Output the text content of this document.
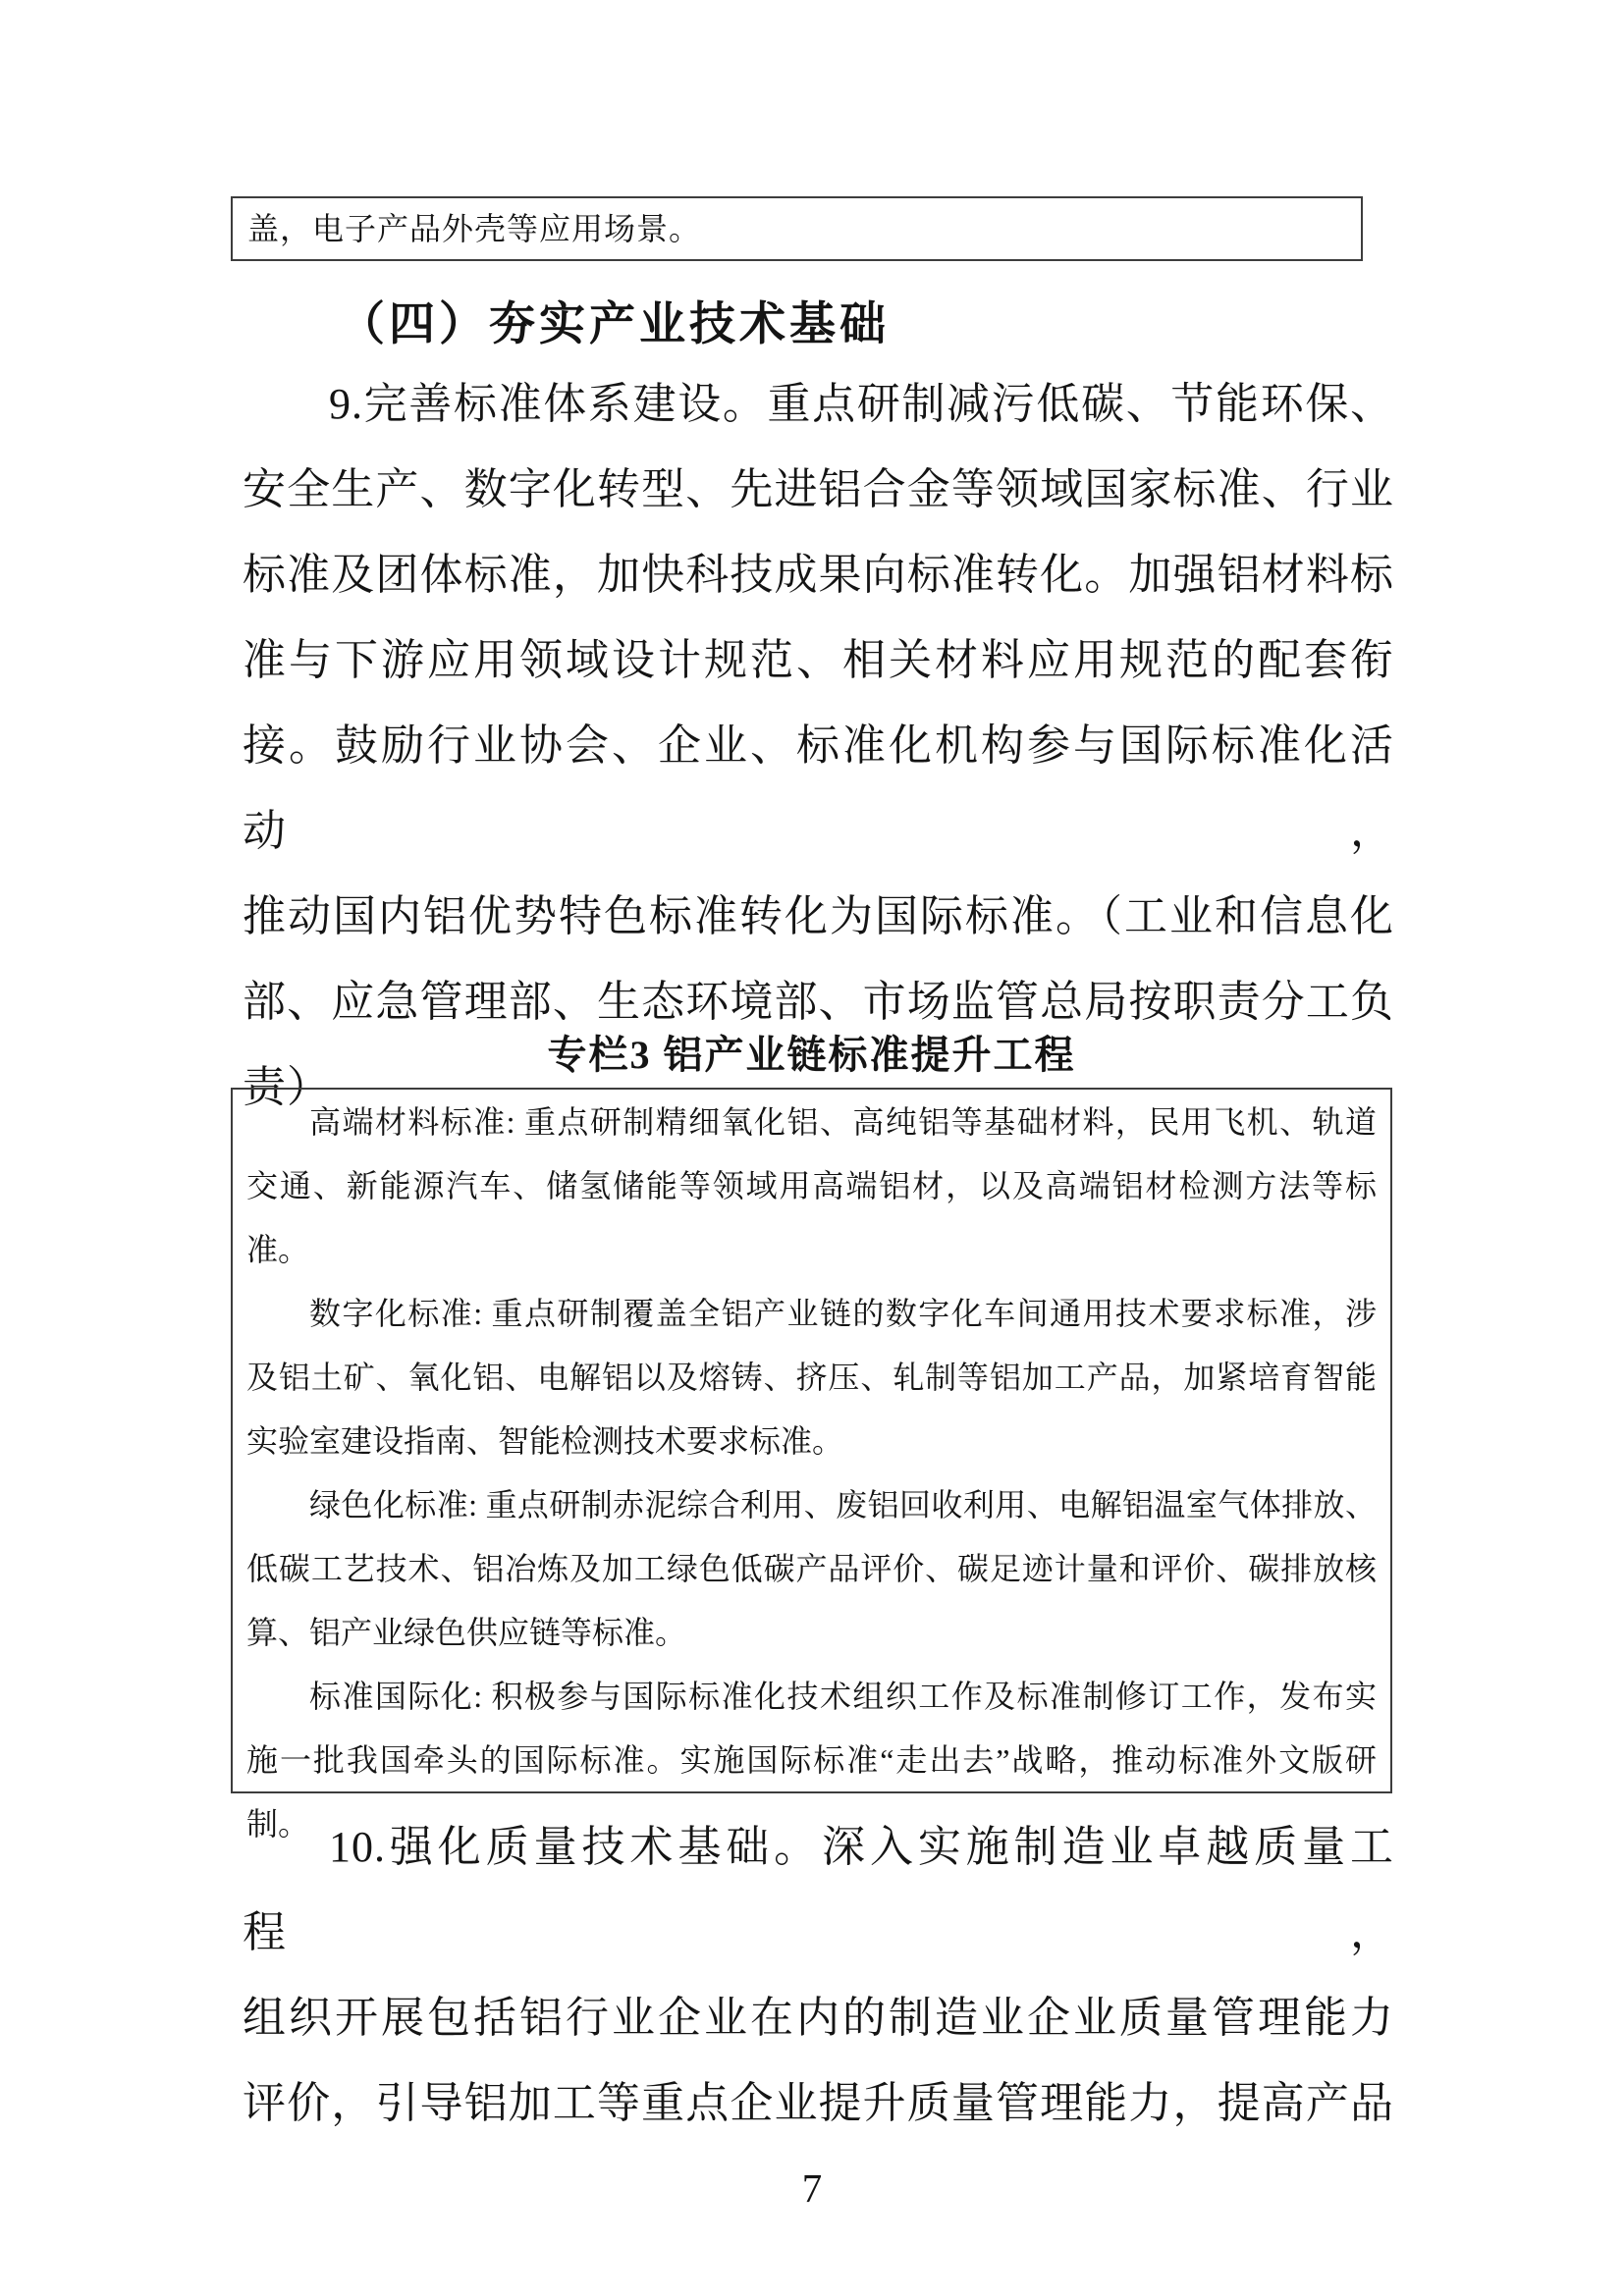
盖，电子产品外壳等应用场景。
（四）夯实产业技术基础
9.完善标准体系建设。重点研制减污低碳、节能环保、
安全生产、数字化转型、先进铝合金等领域国家标准、行业
标准及团体标准，加快科技成果向标准转化。加强铝材料标
准与下游应用领域设计规范、相关材料应用规范的配套衔
接。鼓励行业协会、企业、标准化机构参与国际标准化活动，
推动国内铝优势特色标准转化为国际标准。（工业和信息化
部、应急管理部、生态环境部、市场监管总局按职责分工负
责）
专栏3 铝产业链标准提升工程
高端材料标准: 重点研制精细氧化铝、高纯铝等基础材料，民用飞机、轨道
交通、新能源汽车、储氢储能等领域用高端铝材，以及高端铝材检测方法等标准。
数字化标准: 重点研制覆盖全铝产业链的数字化车间通用技术要求标准，涉
及铝土矿、氧化铝、电解铝以及熔铸、挤压、轧制等铝加工产品，加紧培育智能
实验室建设指南、智能检测技术要求标准。
绿色化标准: 重点研制赤泥综合利用、废铝回收利用、电解铝温室气体排放、
低碳工艺技术、铝冶炼及加工绿色低碳产品评价、碳足迹计量和评价、碳排放核
算、铝产业绿色供应链等标准。
标准国际化: 积极参与国际标准化技术组织工作及标准制修订工作，发布实
施一批我国牵头的国际标准。实施国际标准“走出去”战略，推动标准外文版研
制。 10.强化质量技术基础。深入实施制造业卓越质量工程，
组织开展包括铝行业企业在内的制造业企业质量管理能力
评价，引导铝加工等重点企业提升质量管理能力，提高产品
7
